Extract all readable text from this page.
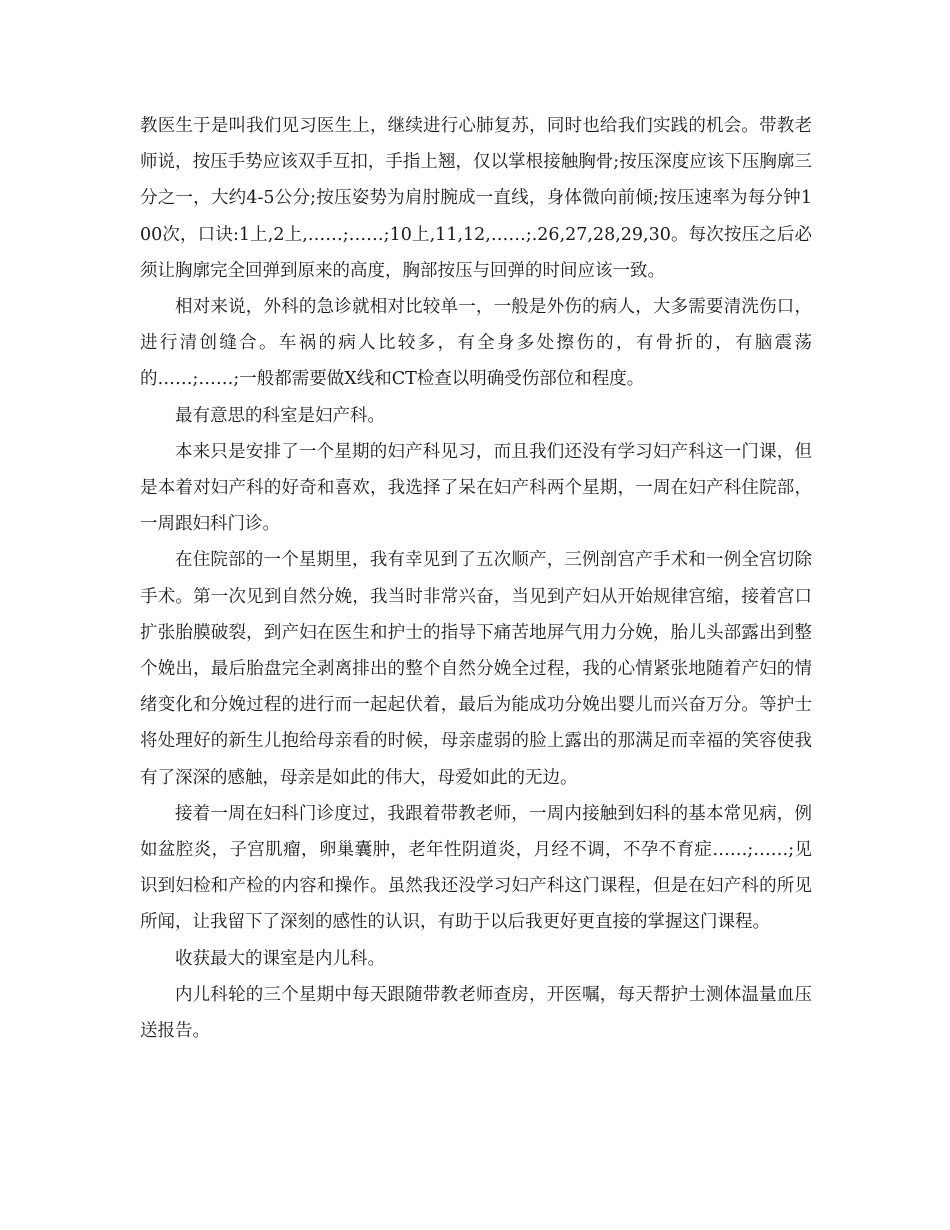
教医生于是叫我们见习医生上，继续进行心肺复苏，同时也给我们实践的机会。带教老师说，按压手势应该双手互扣，手指上翘，仅以掌根接触胸骨;按压深度应该下压胸廓三分之一，大约4-5公分;按压姿势为肩肘腕成一直线，身体微向前倾;按压速率为每分钟100次，口诀:1上,2上,……;……;10上,11,12,……;.26,27,28,29,30。每次按压之后必须让胸廓完全回弹到原来的高度，胸部按压与回弹的时间应该一致。

相对来说，外科的急诊就相对比较单一，一般是外伤的病人，大多需要清洗伤口，进行清创缝合。车祸的病人比较多，有全身多处擦伤的，有骨折的，有脑震荡的……;……;一般都需要做X线和CT检查以明确受伤部位和程度。

最有意思的科室是妇产科。

本来只是安排了一个星期的妇产科见习，而且我们还没有学习妇产科这一门课，但是本着对妇产科的好奇和喜欢，我选择了呆在妇产科两个星期，一周在妇产科住院部，一周跟妇科门诊。

在住院部的一个星期里，我有幸见到了五次顺产，三例剖宫产手术和一例全宫切除手术。第一次见到自然分娩，我当时非常兴奋，当见到产妇从开始规律宫缩，接着宫口扩张胎膜破裂，到产妇在医生和护士的指导下痛苦地屏气用力分娩，胎儿头部露出到整个娩出，最后胎盘完全剥离排出的整个自然分娩全过程，我的心情紧张地随着产妇的情绪变化和分娩过程的进行而一起起伏着，最后为能成功分娩出婴儿而兴奋万分。等护士将处理好的新生儿抱给母亲看的时候，母亲虚弱的脸上露出的那满足而幸福的笑容使我有了深深的感触，母亲是如此的伟大，母爱如此的无边。

接着一周在妇科门诊度过，我跟着带教老师，一周内接触到妇科的基本常见病，例如盆腔炎，子宫肌瘤，卵巢囊肿，老年性阴道炎，月经不调，不孕不育症……;……;见识到妇检和产检的内容和操作。虽然我还没学习妇产科这门课程，但是在妇产科的所见所闻，让我留下了深刻的感性的认识，有助于以后我更好更直接的掌握这门课程。

收获最大的课室是内儿科。

内儿科轮的三个星期中每天跟随带教老师查房，开医嘱，每天帮护士测体温量血压送报告。
